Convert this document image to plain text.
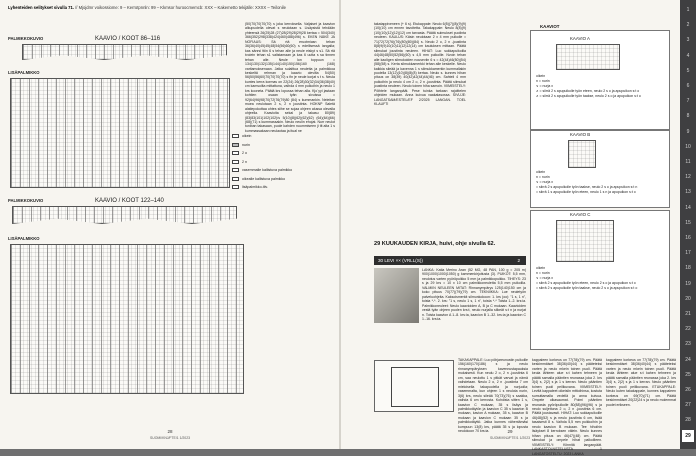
Lyhenteiden selitykset sivulla 71. // Mjojdmr voikossiome: 9 – Kerrotpnnln: 99 – Kkmsor huroocmemcb: XXX – Kakemetto tekijälle: XXXX – Teilonile
PALMIKKOKUVIO	KAAVIO / KOOT 86–116
LISÄPALMIKKO
oikein
nurin
2 o
2 n
vasemmalle kallistuva palmikko
oikealle kallistuva palmikko
lisäpalmikko-tiiv.
PALMIKKOKUVIO	KAAVIO / KOOT 122–140
LISÄPALMIKKO
(50)70(70)70(70) s joka kerroksella. Valjaiset ja kaavion alkupuolella olevat s neulotaan s. Lisäysistä tehdään yhteensä 26(25)28 (27)28(29)28(29)28 kertaa = 504(340) 366(352)298(338)424(460)488(496) s. EKEN NÄKE JA NOFIAUS: Sä rtä eruotmiasn tehan 36(36)40(45)45(48)54(56)60(60) s edellisessä langalla; kas sänrsi ttiin 6 s tehan alle ja neule eiskyt s s1. Sä rtä tvoiein tehan s1 valistamaan ja kas 6 uutta s sa tinnen tehan alle. Neule lon toppuun = 134(130)132(135)144(140)150(156)160 (168) varitamoksenaan. Jatka sulaittua neuletta ja palmikkoa keskeltä rehman ja kaavio olevilta 54(50) 56(50)56(60)70(70)70(70) s fin je neule korjat s t s. Neula kuntes kerra kormas on 22(24) 26(28)30(32)34(36)38(40) cm kamsoilta mittattuna, vaihda 4 mm puikoihin ja neulo 1 krs kooneta. Päätä krs lopussa tehan alla. Kjo´yyi jastaan kohtien osaan tyän sivuissa = 92(64)96(98)70(72)76(79)80 (84) s kummankin. Neleitan muea neulotaan 2 s, 2 n joustinta. HOKNP Saletä alatiepokottaa ohtes siihe se sojaa ohjeen alussa olevalla ohjeella. Kaavioita sekai ja takasu 80(89) (83)83(101)102(102)/s 5(10)(8)(62)(62)(62) (64)(64)(66)(68)(71) s kummassakin. Neulo neulin ehojat. Nurr neulot tuniban takasaan, puole kahden nuummiseen ji tit alta 1 s kummassakaan neulaotaa ja itual ne
28
SUOMI/KNJ/FTE/1 1/2023
takatappiveneen (+ 6 s). Etukappale: Neulo 6(5)(7)(8)(9)(9)(10)(10) cm ennen tavoitetta. Takakappale: Neulo 8(8)(9)(10)(10)(12)(12)(12) cm tarvasta. Päätä sulmukset puolinta neuleen. KAULUS: Käsin neulotaan 2 x 4 mm puikolle = 71(72)72(76)(76)(80)(80)(84) s. Neulo 2 o, 2 n -joustinta 8(8)9(9)10(10)11(12)12(14) cm kauluksen mittaan. Päätä silmukat joustinta neuleen. HIHAT: Luo sukkapuikoilla 44(46)48(50)52(56)(60) s 4,5 mm puikoille. Nvoin tehan alle kaoligen silmukoiden nouseviin 6 s = 42(44)46(50)(54)(58)(58) s. Kerta silmukkamerkki tehan alle keskelle. Neulo kaikkia sileää ja kavenna 1 s silmukkamerkin kummallakin puolella 13(12)(10)(8)(8)(8) kertaa. Neulo s. kunnes hihan pituus on 38(39) 40(42)42(44)44(46) cm. Sahteli 4 mm puikoihin ja neulo 4 cm 2 o, 2 n -joustinta. Päätä silmukat joustinta neuleen. Neulo toinen hiha samoin. VIIMEISTELY: Pöihtele langanpäät. Pese tuinka tarkasn rajoittelen ohjeiden mukaan. Anna kuivua vaakatasossa. SIVUJE: LANGATSAM/ESTEL/EF 2/2025 LANGAN. TOEL KLAUFTI
29 KUUKAUDEN KIRJA, huivi, ohje sivulla 62.
30 LEVI ×× (VRLL(S))	2
LANKA: Katia Merino Aran (52 MG, 48 PAN, 100 g = 205 m) 900(1000)1000(1050) g kammenkirjoitusta (3). PUIKOT: 5,5 mm, neulotus varten pyöröpuikko 5 mm ja palmikkopuikko. TIHEYS: 23 s ja 29 krs = 10 x 10 cm palmikkoneuletta 5,5 mm puikoilla. VALMIIN NEULEEN MITAT: Rinnanympärys 125(140)150 cm ja koko pituus 70(77)(79)(79) cm. TEKNIIKKA: Lue neuletyön palveluohjeita. Kaksoismerkit silmunkokoon: 1. krs (oo): "1 s, 1 n", toista *-*. 2. krs: "1 s, neulo 1 s, 1 n", toista *-* Toista 1.-2. krs:ia. Palmikkoneuleet: Neulo kaavioiden A, B ja C mukaan. Kaavioiden vestä tyän ohjeen puolen krs:t, neulo nurjalla silkeät s:t n ja nurjat n. Toista kaavion A 1.-8. krs:ia, kaavion B 1.-32. krs:ia ja kaavion C 1.-16. krs:ia.
TAKAKAPPALE: Luo pöhjareunustin puikoille 156(160)170(186) s ja neulo rinnanympäryksen kavennustapauksia mukaisesti. Kun neulu 2 o, 2 n -joustinta 6 cm, saa neulottu 1 s pitkät varvat ja nämä vaihdetaan. Neulo 2 o, 2 n -joustinta 7 cm mieloisella takapuolella ja nurjuolla; vasemmalta, kun ohjeen 1 s neulota nurin, 3(6) krs, neulo sileää 70(73)(76) s saakka, vaihda 6 cm kerrosta. Kohdista sitten 1 s, kaavion C mukaan, 35 s lisäys ja palmikkotäytön ja kaavion C 35 s kaavion B mukaan, kavion A mukaan, 35 s, kaavion B mukaan ja kaavion C mukaan 35 s ja palmikkotäyttö. Jatka kunnes vähentämäsi kumpuun 13(8) krs, päätä 35 s ja lopusta neulokoon 70 krs:ia.
kappaleen korkeus on 77(78)(79) cm. Päätä keskimmäiset 38(36)40(44) s pääteteksi varten ja neulo mkein toinen puoli. Päätä keula lähteen alue s:t kahen tehneen ja päätä samalla pääntien reunassa joka 2. krs 3(4) s, 2(2) s ja 1 s kerran. Neulo pääntien toinen puoli peilikuvana. VIIMEISTELY: Levitä kappaleet oikeisiin mittoihinsa, kostuta sumuttamalla vedellä ja anna kuivua. Ompele olkasaumat. Poimi pääntien reunasta pyöröpuikolle 80(88)(96)(96) s ja neulo suljettuna 2 o, 2 n -joustinta 6 cm. Päätä joustavasti. HIHAT: Luo sukkapuikoille 46(48)(52) s ja neulo joustinta 6 cm, lisää tasaisesti 8 s. Vaihda 5,5 mm puikkoihin ja neulo kaavion B mukaan. Tee hihoihin lisäykset 8 kerroksen välein. Neulo kunnes hihan pituus on 46(47)(48) cm. Päätä silmukat ja ompele hihat paikoilleen. VIIMEISTELY: Kiinnitä langanpäät. LANKASTOLNSTELUSTA 1 LANGATOSTELTU: 2023 LANKA
kappaleen korkeus on 77(78)(79) cm. Päätä keskimmäiset 38(36)40(44) s pääteteksi varten ja neulo mkein toinen puoli. Päätä keula lähteen alue s:t kahen tehneen ja päätä samalla pääntien reunassa joka 2. krs 3(4) s, 2(2) s ja 1 s kerran. Neulo pääntien toinen puoli peilikuvana. ETUKAPPALE: Neulo kuten takakappale, kunnes kappaleen korkeus on 69(70)(71) cm. Päätä keskimmäiset 20(22)24 s ja neulo molemmat puolet erikseen.
KAAVIOT
KAAVIO A
oikein
n = nurin
∨ = nurja x
∧ = siirrä 2 s apupuikolle työn eteen, neulo 2 s o ja apupuikon s:t o
∧ = siirrä 2 s apupuikolle työn taakse, neulo 2 s o ja apupuikon s:t o
KAAVIO B
oikein
n = nurin
∨ = nurja x
= siirrä 2 s apupuikolle työn taakse, neulo 2 s o ja apupuikon s:t n
= siirrä 1 s apupuikolle työn eteen, neulo 1 s n ja apupuikon s:t o
KAAVIO C
oikein
n = nurin
∨ = nurja x
= siirrä 2 s apupuikolle työn eteen, neulo 2 s o ja apupuikon s:t o
= siirrä 2 s apupuikolle työn taakse, neulo 2 s o ja apupuikon s:t o
29
SUOMI/KNJ/FTE/1 1/2023
1
2
3
4
5
6
7
8
9
10
11
12
13
14
15
16
17
18
19
20
21
22
23
24
25
26
27
28
29
